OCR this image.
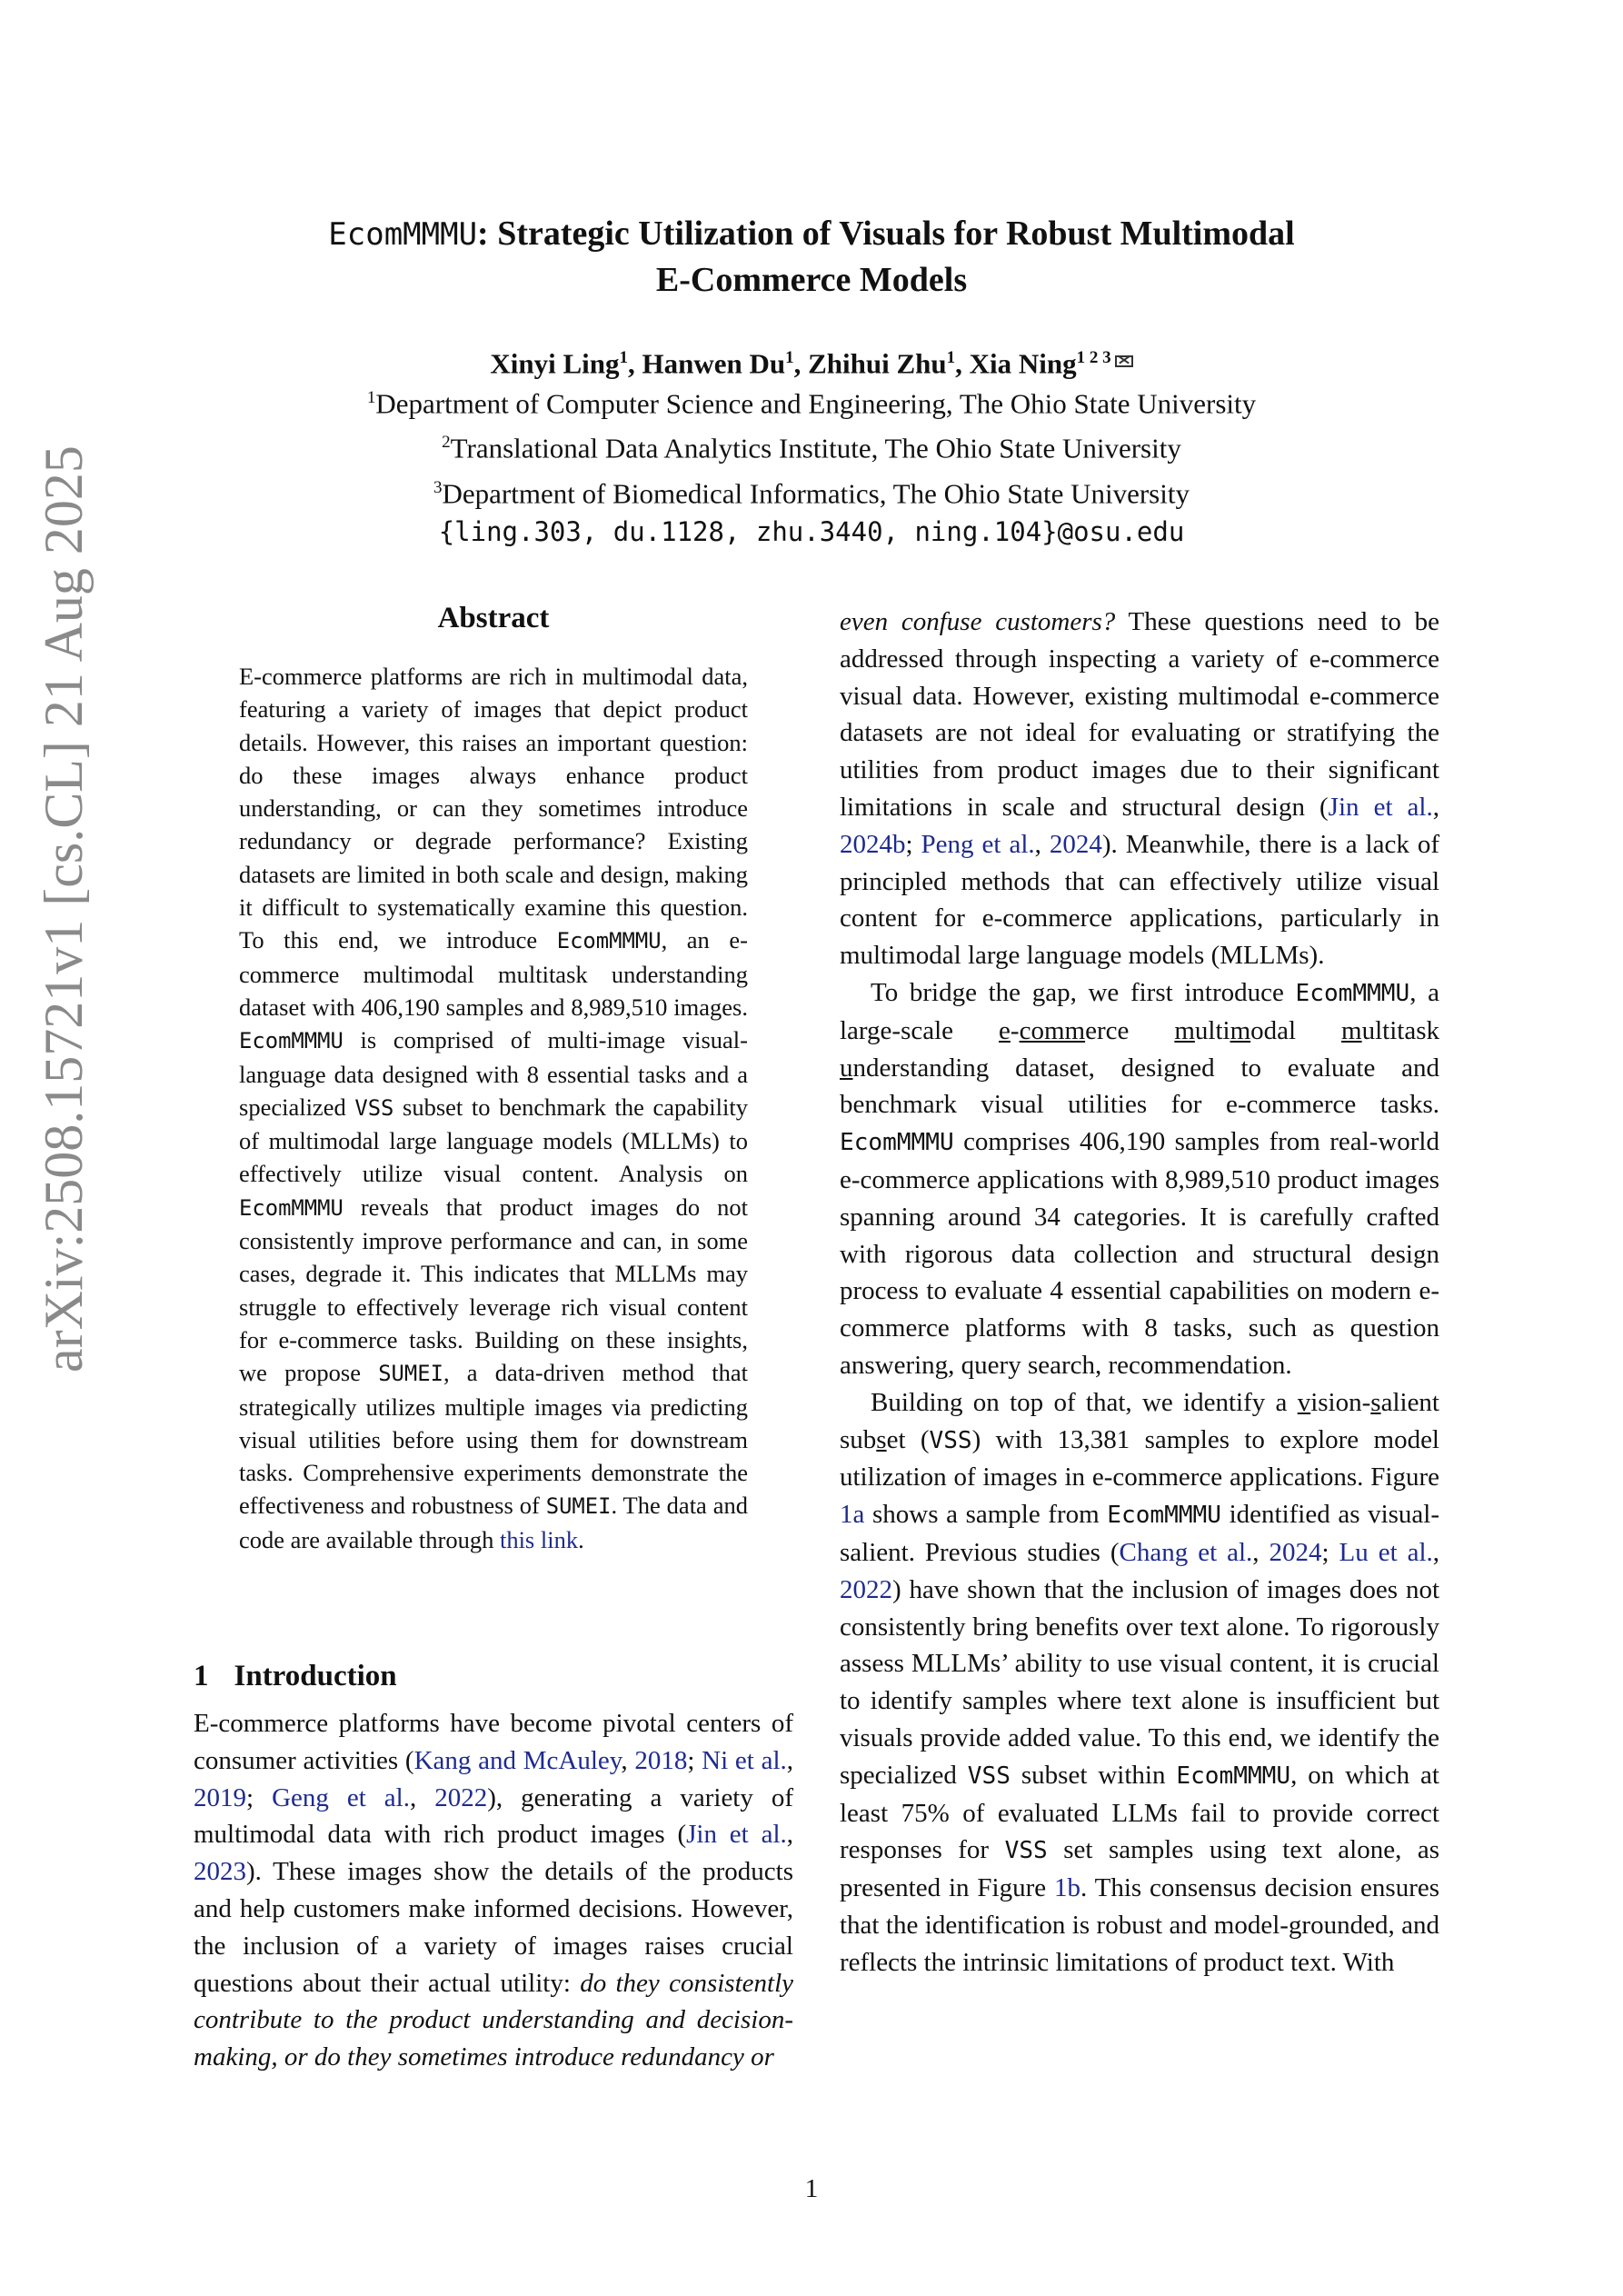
arXiv:2508.15721v1 [cs.CL] 21 Aug 2025
EcomMMMU: Strategic Utilization of Visuals for Robust Multimodal
E-Commerce Models
Xinyi Ling$^1$, Hanwen Du$^1$, Zhihui Zhu$^1$, Xia Ning$^{1 2 3}$
$^1$Department of Computer Science and Engineering, The Ohio State University
$^2$Translational Data Analytics Institute, The Ohio State University
$^3$Department of Biomedical Informatics, The Ohio State University
{ling.303, du.1128, zhu.3440, ning.104}@osu.edu
Abstract

E-commerce platforms are rich in multimodal data, featuring a variety of images that depict product details. However, this raises an important question: do these images always enhance product understanding, or can they sometimes introduce redundancy or degrade performance? Existing datasets are limited in both scale and design, making it difficult to systematically examine this question. To this end, we introduce EcomMMMU, an e-commerce multimodal multitask understanding dataset with 406,190 samples and 8,989,510 images. EcomMMMU is comprised of multi-image visual-language data designed with 8 essential tasks and a specialized VSS subset to benchmark the capability of multimodal large language models (MLLMs) to effectively utilize visual content. Analysis on EcomMMMU reveals that product images do not consistently improve performance and can, in some cases, degrade it. This indicates that MLLMs may struggle to effectively leverage rich visual content for e-commerce tasks. Building on these insights, we propose SUMEI, a data-driven method that strategically utilizes multiple images via predicting visual utilities before using them for downstream tasks. Comprehensive experiments demonstrate the effectiveness and robustness of SUMEI. The data and code are available through this link.

1 Introduction

E-commerce platforms have become pivotal centers of consumer activities (Kang and McAuley, 2018; Ni et al., 2019; Geng et al., 2022), generating a variety of multimodal data with rich product images (Jin et al., 2023). These images show the details of the products and help customers make informed decisions. However, the inclusion of a variety of images raises crucial questions about their actual utility: do they consistently contribute to the product understanding and decision-making, or do they sometimes introduce redundancy or

even confuse customers? These questions need to be addressed through inspecting a variety of e-commerce visual data. However, existing multimodal e-commerce datasets are not ideal for evaluating or stratifying the utilities from product images due to their significant limitations in scale and structural design (Jin et al., 2024b; Peng et al., 2024). Meanwhile, there is a lack of principled methods that can effectively utilize visual content for e-commerce applications, particularly in multimodal large language models (MLLMs).

To bridge the gap, we first introduce EcomMMMU, a large-scale e-commerce multimodal multitask understanding dataset, designed to evaluate and benchmark visual utilities for e-commerce tasks. EcomMMMU comprises 406,190 samples from real-world e-commerce applications with 8,989,510 product images spanning around 34 categories. It is carefully crafted with rigorous data collection and structural design process to evaluate 4 essential capabilities on modern e-commerce platforms with 8 tasks, such as question answering, query search, recommendation.

Building on top of that, we identify a vision-salient subset (VSS) with 13,381 samples to explore model utilization of images in e-commerce applications. Figure 1a shows a sample from EcomMMMU identified as visual-salient. Previous studies (Chang et al., 2024; Lu et al., 2022) have shown that the inclusion of images does not consistently bring benefits over text alone. To rigorously assess MLLMs’ ability to use visual content, it is crucial to identify samples where text alone is insufficient but visuals provide added value. To this end, we identify the specialized VSS subset within EcomMMMU, on which at least 75% of evaluated LLMs fail to provide correct responses for VSS set samples using text alone, as presented in Figure 1b. This consensus decision ensures that the identification is robust and model-grounded, and reflects the intrinsic limitations of product text. With

1
